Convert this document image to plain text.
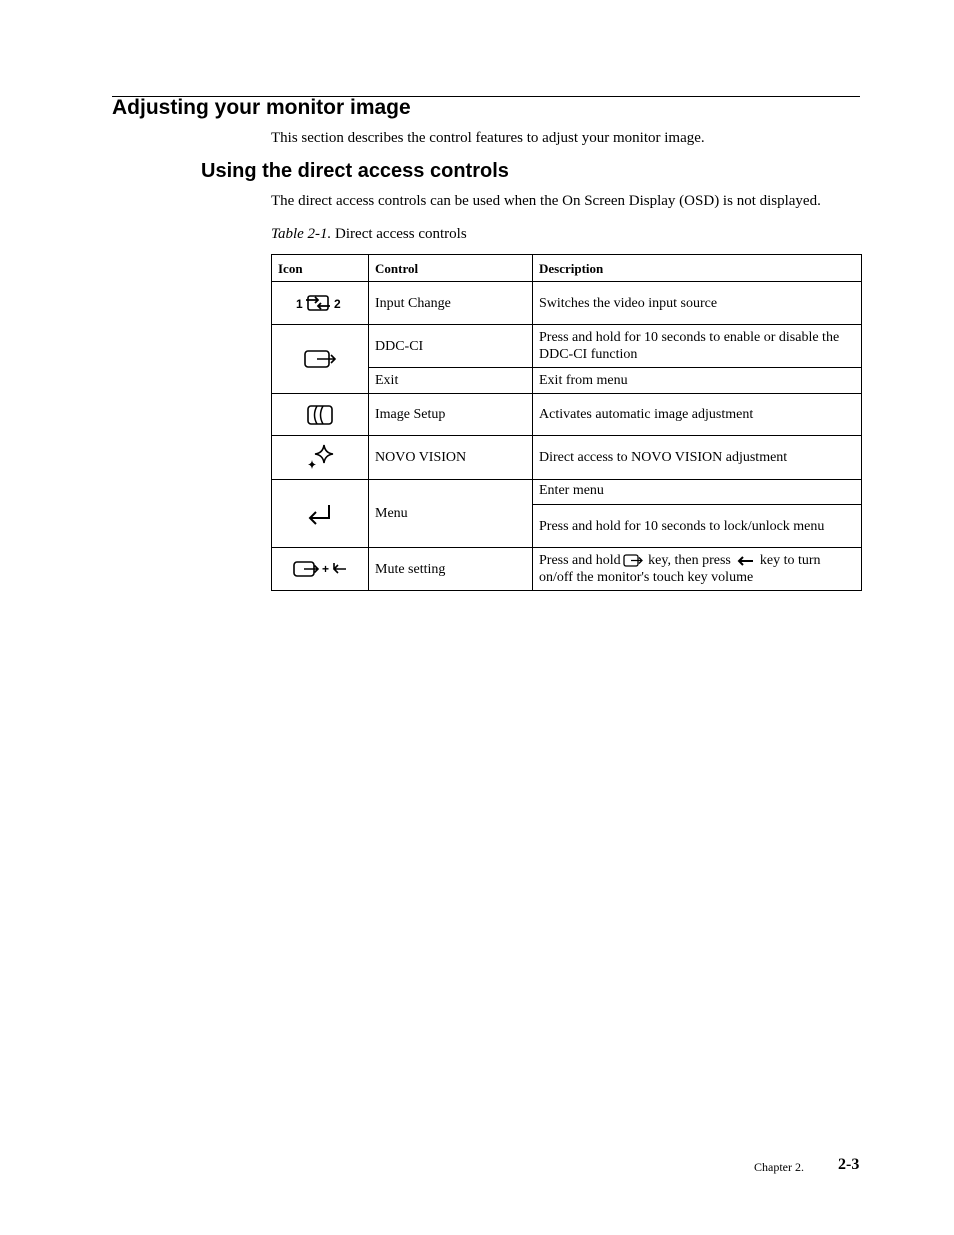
Adjusting your monitor image

This section describes the control features to adjust your monitor image.

Using the direct access controls

The direct access controls can be used when the On Screen Display (OSD) is not displayed.

Table 2-1. Direct access controls

Icon	Control	Description

1 2	Input Change	Switches the video input source
	DDC-CI	Press and hold for 10 seconds to enable or disable the DDC-CI function
	Exit	Exit from menu
	Image Setup	Activates automatic image adjustment
	NOVO VISION	Direct access to NOVO VISION adjustment
	Menu	Enter menu
		Press and hold for 10 seconds to lock/unlock menu

+	Mute setting	Press and hold key, then press  key to turn on/off the monitor's touch key volume
Chapter 2. 2-3
